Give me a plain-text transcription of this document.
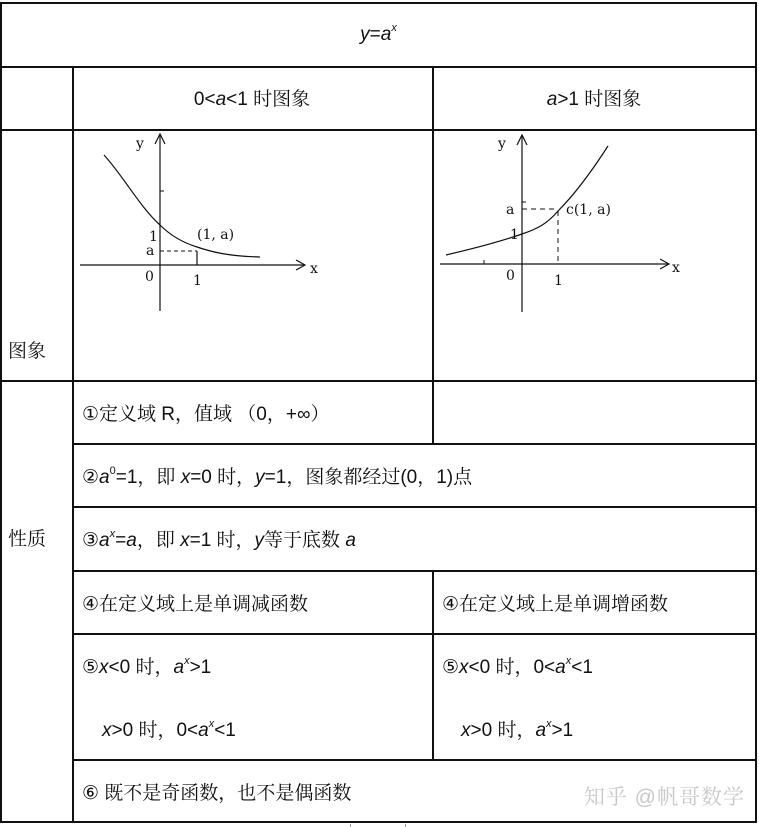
$y=a^x$
0<a<1 时图象	a>1 时图象
图象
y
x
0	1
1
a
(1, a)
y
x
0	1
1
a	c(1, a)
性质
①定义域 R，值域 （0，+∞）
$②a^0=1$，即 x=0 时，y=1，图象都经过(0，1)点
$③a^x=a$，即 x=1 时，y等于底数 a
④在定义域上是单调减函数	④在定义域上是单调增函数
⑤x<0 时，$a^x>1$
x>0 时，$0<a^x<1$
⑤x<0 时，$0<a^x<1$
x>0 时，$a^x>1$
⑥ 既不是奇函数，也不是偶函数	知乎 @帆哥数学
